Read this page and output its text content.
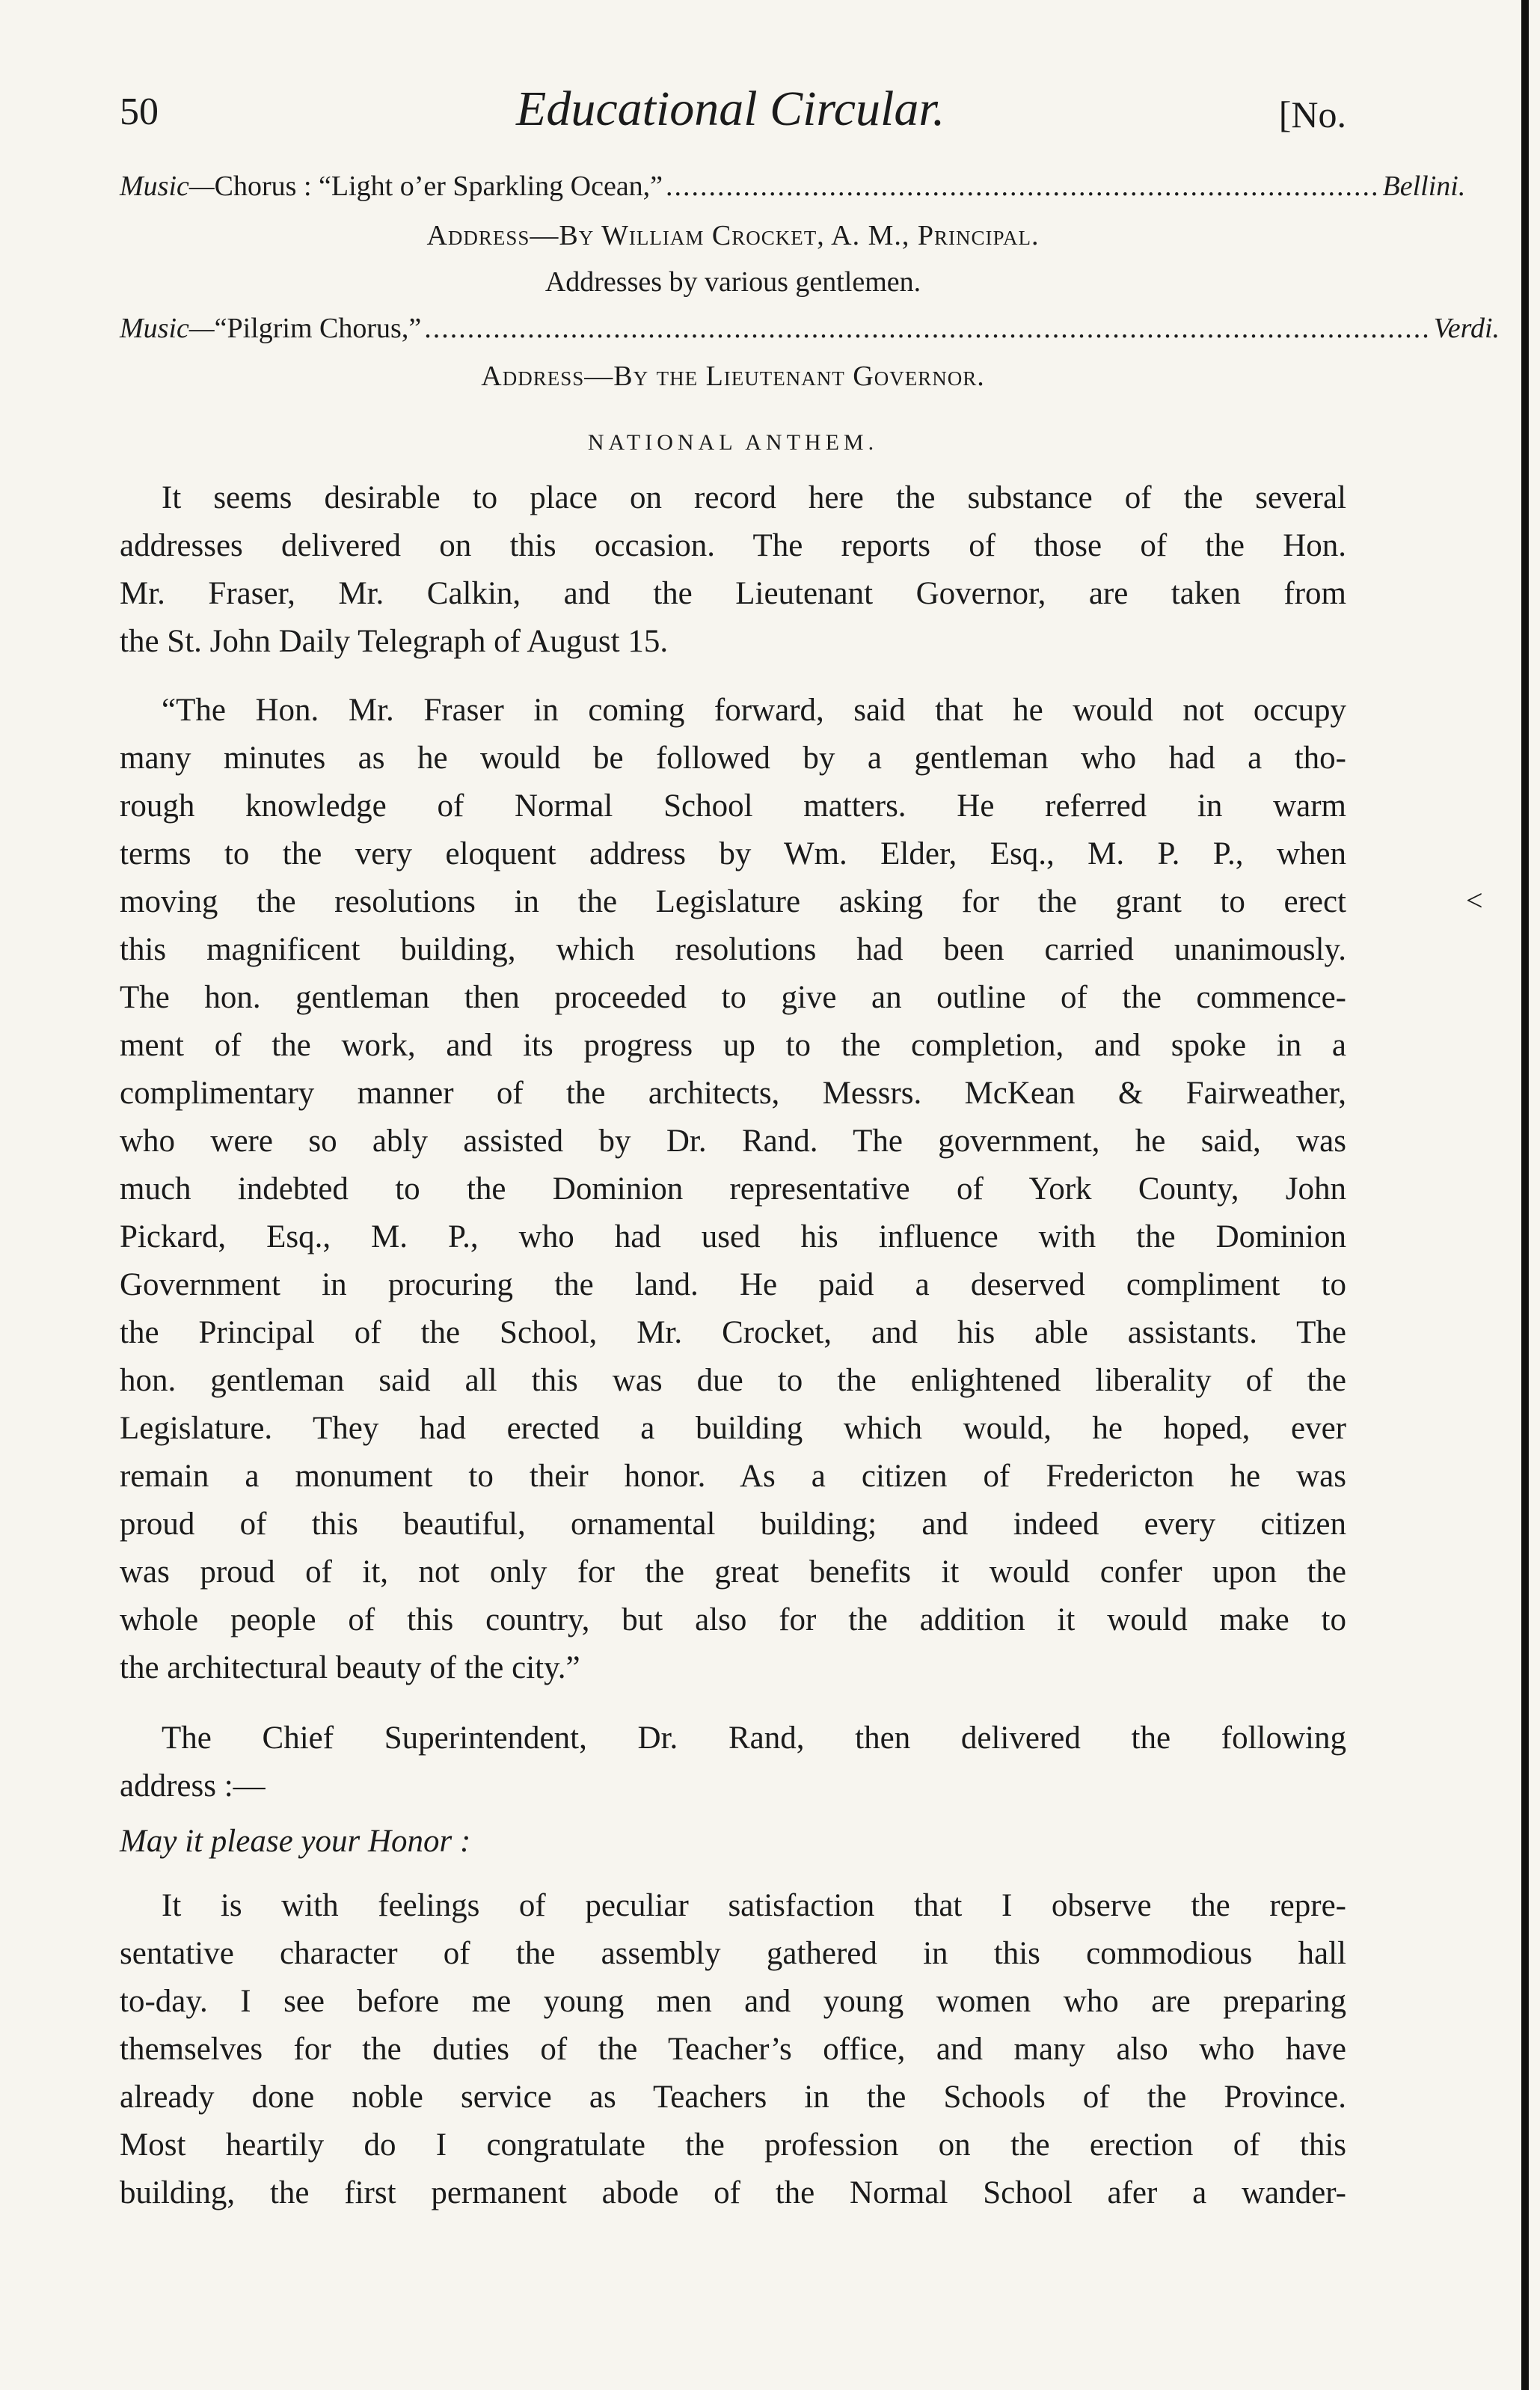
50	Educational Circular.	[No.
Music— Chorus : “Light o’er Sparkling Ocean,” ................................................................................... Bellini.
Address—By William Crocket, A. M., Principal.
Addresses by various gentlemen.
Music— “Pilgrim Chorus,” ..................................................................................................................... Verdi.
Address—By the Lieutenant Governor.
NATIONAL ANTHEM.
It seems desirable to place on record here the substance of the several
addresses delivered on this occasion. The reports of those of the Hon.
Mr. Fraser, Mr. Calkin, and the Lieutenant Governor, are taken from
the St. John Daily Telegraph of August 15.
“The Hon. Mr. Fraser in coming forward, said that he would not occupy
many minutes as he would be followed by a gentleman who had a tho-
rough knowledge of Normal School matters. He referred in warm
terms to the very eloquent address by Wm. Elder, Esq., M. P. P., when
moving the resolutions in the Legislature asking for the grant to erect
this magnificent building, which resolutions had been carried unanimously.
The hon. gentleman then proceeded to give an outline of the commence-
ment of the work, and its progress up to the completion, and spoke in a
complimentary manner of the architects, Messrs. McKean & Fairweather,
who were so ably assisted by Dr. Rand. The government, he said, was
much indebted to the Dominion representative of York County, John
Pickard, Esq., M. P., who had used his influence with the Dominion
Government in procuring the land. He paid a deserved compliment to
the Principal of the School, Mr. Crocket, and his able assistants. The
hon. gentleman said all this was due to the enlightened liberality of the
Legislature. They had erected a building which would, he hoped, ever
remain a monument to their honor. As a citizen of Fredericton he was
proud of this beautiful, ornamental building; and indeed every citizen
was proud of it, not only for the great benefits it would confer upon the
whole people of this country, but also for the addition it would make to
the architectural beauty of the city.”
The Chief Superintendent, Dr. Rand, then delivered the following
address :—
May it please your Honor :
It is with feelings of peculiar satisfaction that I observe the repre-
sentative character of the assembly gathered in this commodious hall
to-day. I see before me young men and young women who are preparing
themselves for the duties of the Teacher’s office, and many also who have
already done noble service as Teachers in the Schools of the Province.
Most heartily do I congratulate the profession on the erection of this
building, the first permanent abode of the Normal School afer a wander-
<
